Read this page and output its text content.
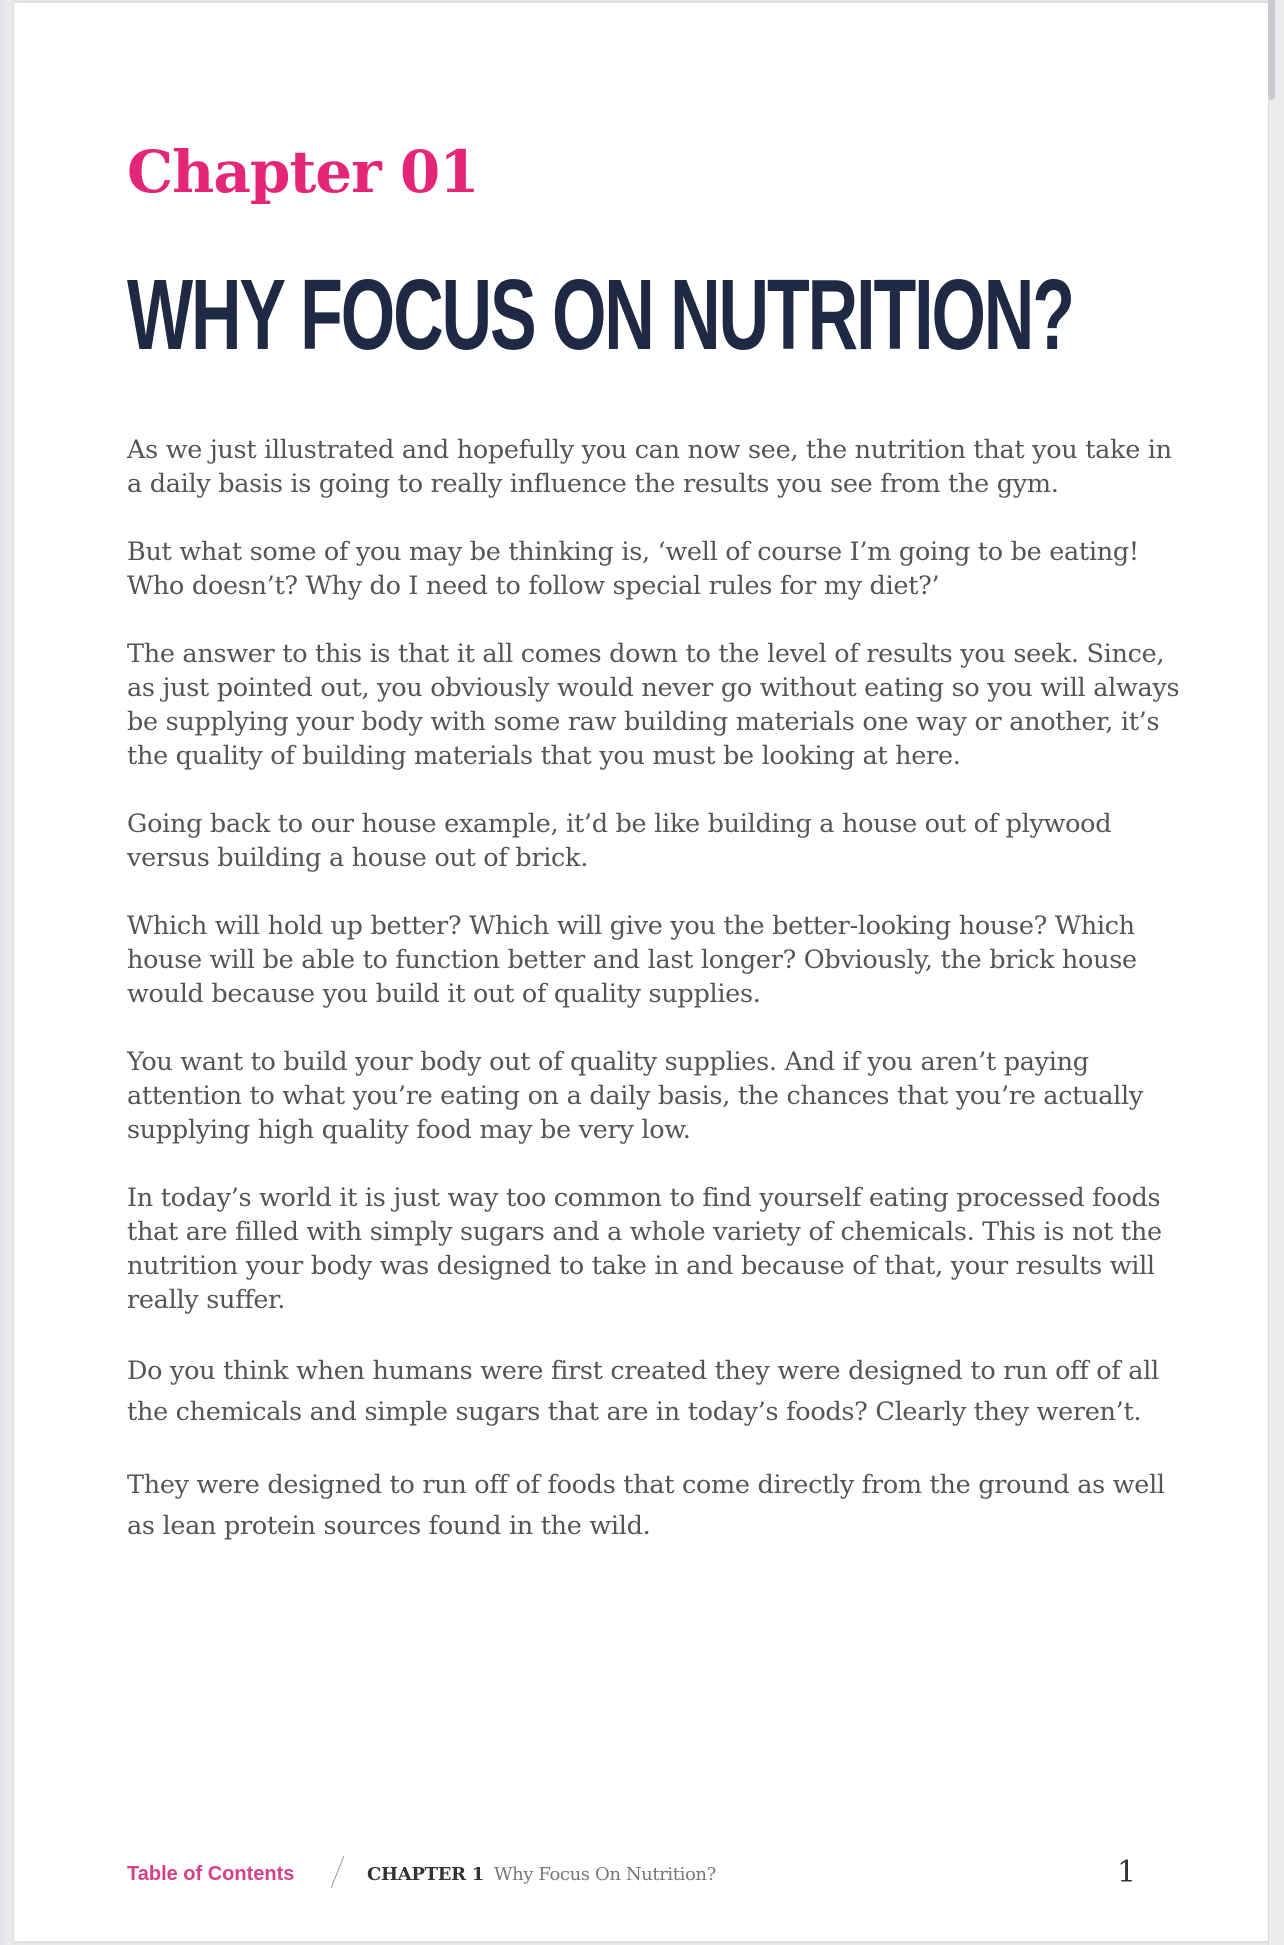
Chapter 01
WHY FOCUS ON NUTRITION?

As we just illustrated and hopefully you can now see, the nutrition that you take in a daily basis is going to really influence the results you see from the gym.

But what some of you may be thinking is, ‘well of course I’m going to be eating! Who doesn’t? Why do I need to follow special rules for my diet?’

The answer to this is that it all comes down to the level of results you seek. Since, as just pointed out, you obviously would never go without eating so you will always be supplying your body with some raw building materials one way or another, it’s the quality of building materials that you must be looking at here.

Going back to our house example, it’d be like building a house out of plywood versus building a house out of brick.

Which will hold up better? Which will give you the better-looking house? Which house will be able to function better and last longer? Obviously, the brick house would because you build it out of quality supplies.

You want to build your body out of quality supplies. And if you aren’t paying attention to what you’re eating on a daily basis, the chances that you’re actually supplying high quality food may be very low.

In today’s world it is just way too common to find yourself eating processed foods that are filled with simply sugars and a whole variety of chemicals. This is not the nutrition your body was designed to take in and because of that, your results will really suffer.

Do you think when humans were first created they were designed to run off of all the chemicals and simple sugars that are in today’s foods? Clearly they weren’t.

They were designed to run off of foods that come directly from the ground as well as lean protein sources found in the wild.

Table of Contents	CHAPTER 1 Why Focus On Nutrition?	1
